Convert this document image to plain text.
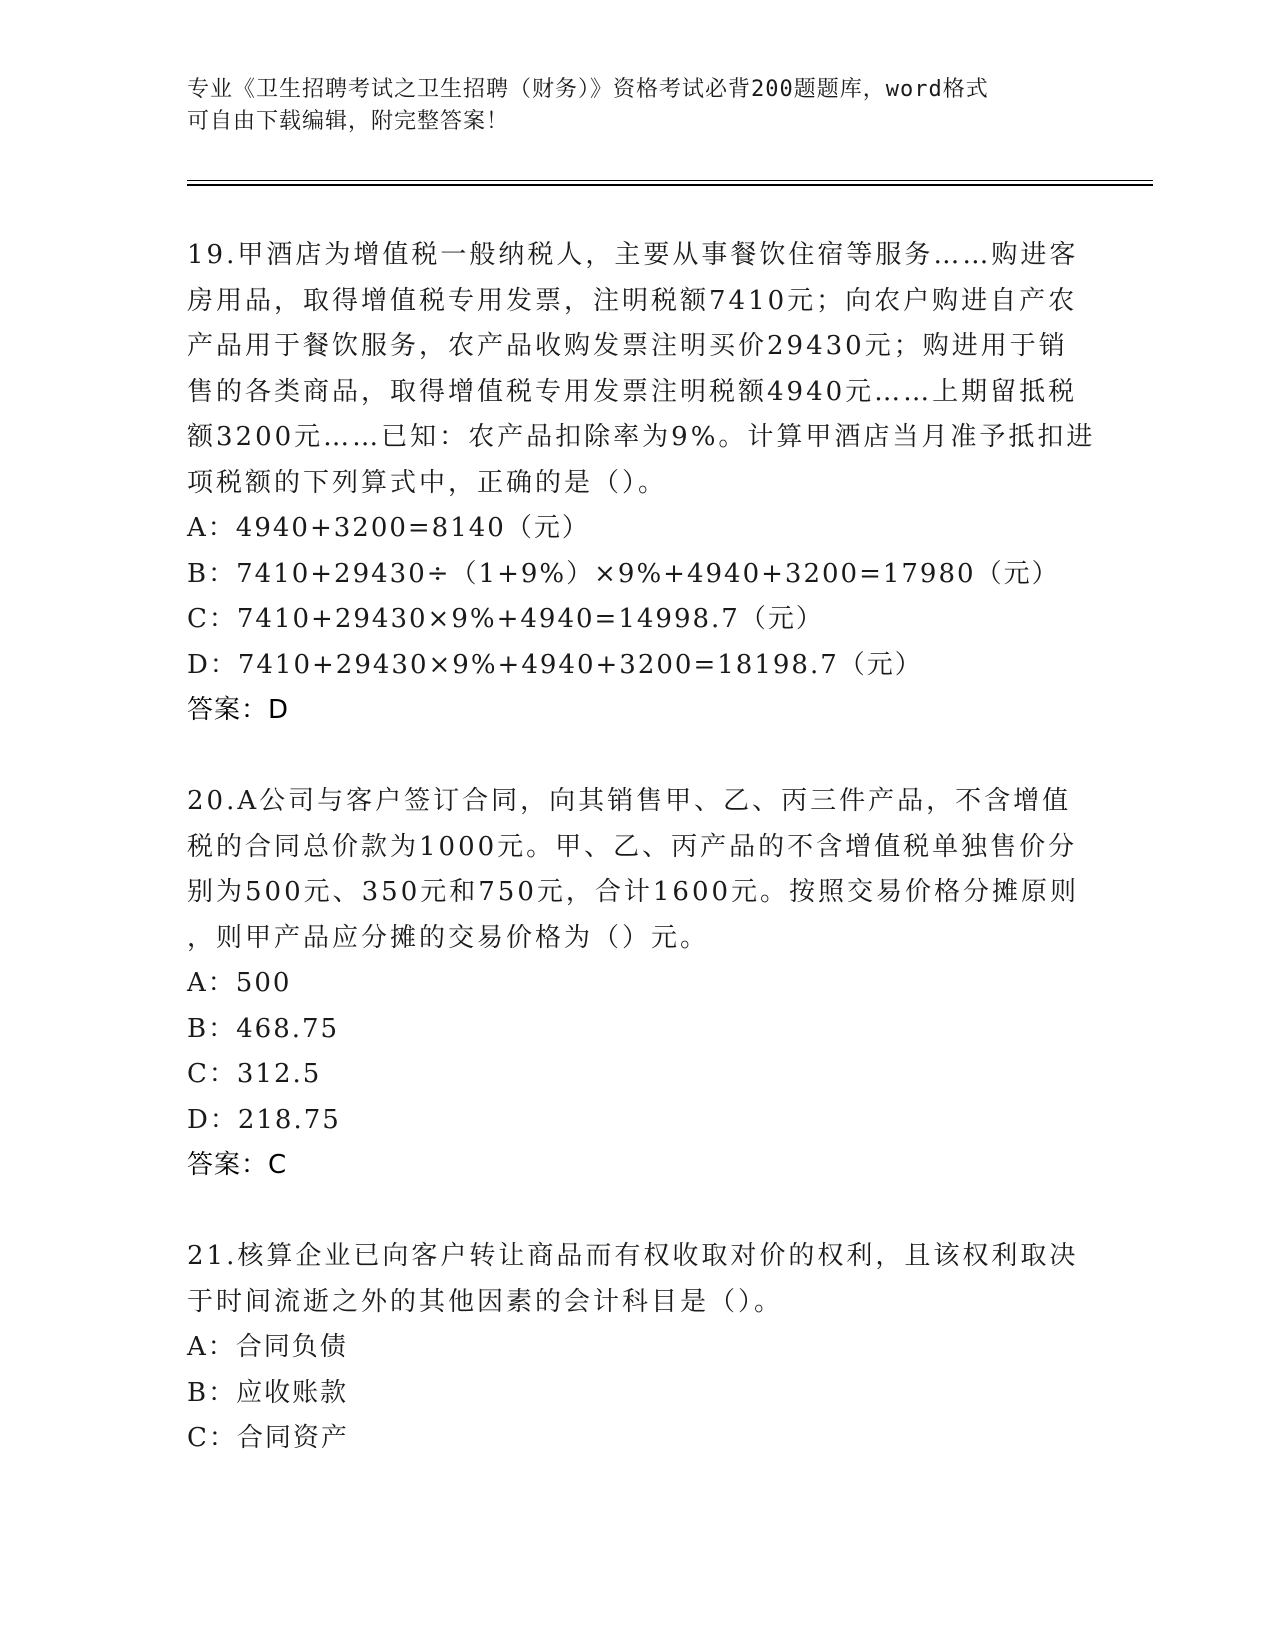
专业《卫生招聘考试之卫生招聘（财务）》资格考试必背200题题库，word格式

可自由下载编辑，附完整答案！

19.甲酒店为增值税一般纳税人，主要从事餐饮住宿等服务……购进客

房用品，取得增值税专用发票，注明税额7410元；向农户购进自产农

产品用于餐饮服务，农产品收购发票注明买价29430元；购进用于销

售的各类商品，取得增值税专用发票注明税额4940元……上期留抵税

额3200元……已知：农产品扣除率为9%。计算甲酒店当月准予抵扣进

项税额的下列算式中，正确的是（）。

A：4940+3200=8140（元）

B：7410+29430÷（1+9%）×9%+4940+3200=17980（元）

C：7410+29430×9%+4940=14998.7（元）

D：7410+29430×9%+4940+3200=18198.7（元）

答案：D

20.A公司与客户签订合同，向其销售甲、乙、丙三件产品，不含增值

税的合同总价款为1000元。甲、乙、丙产品的不含增值税单独售价分

别为500元、350元和750元，合计1600元。按照交易价格分摊原则

，则甲产品应分摊的交易价格为（）元。

A：500

B：468.75

C：312.5

D：218.75

答案：C

21.核算企业已向客户转让商品而有权收取对价的权利，且该权利取决

于时间流逝之外的其他因素的会计科目是（）。

A：合同负债

B：应收账款

C：合同资产
